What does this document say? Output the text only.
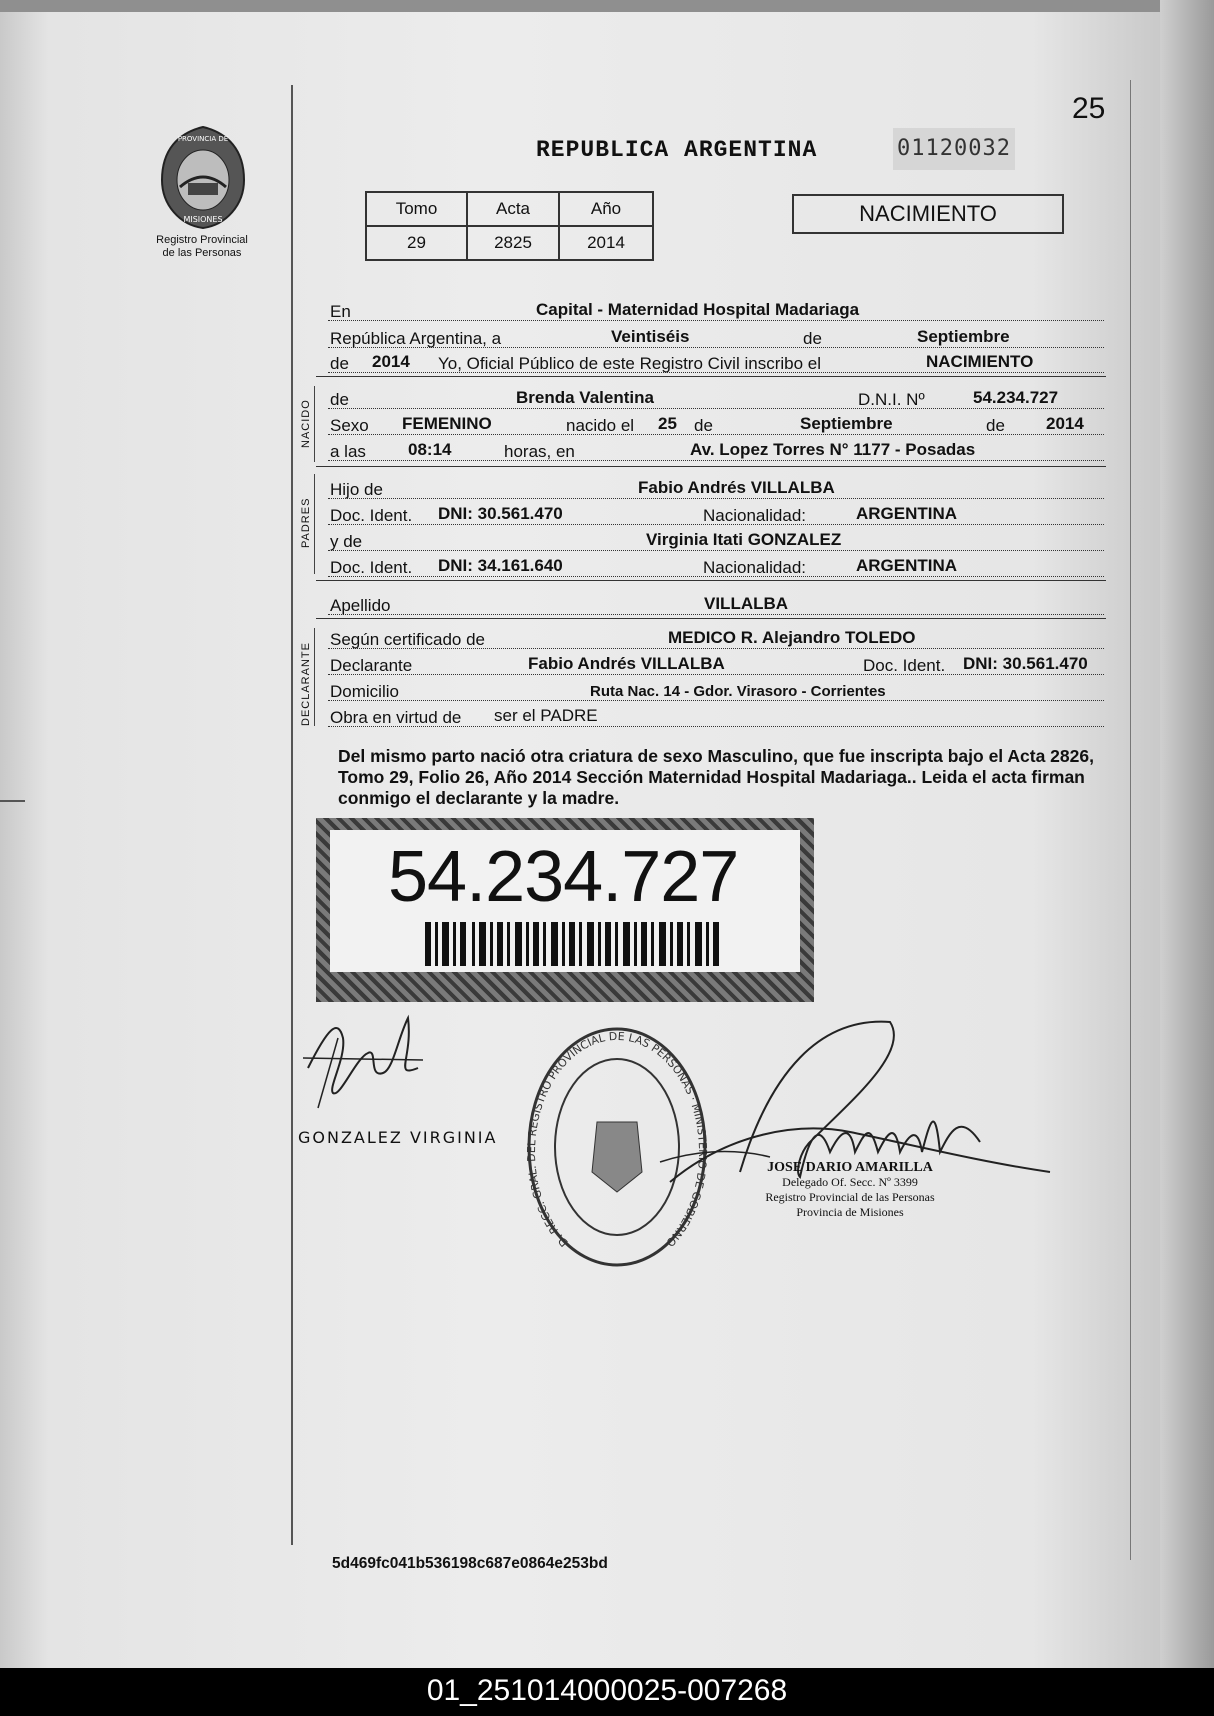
25
PROVINCIA DE
MISIONES
Registro Provincial
de las Personas
REPUBLICA ARGENTINA	01120032
Tomo	Acta	Año
29	2825	2014
NACIMIENTO
En	Capital - Maternidad Hospital Madariaga
República Argentina, a	Veintiséis	de	Septiembre
de 2014 Yo, Oficial Público de este Registro Civil inscribo el	NACIMIENTO
NACIDO de	Brenda Valentina	D.N.I. Nº	54.234.727
Sexo FEMENINO	nacido el 25 de	Septiembre	de 2014
a las 08:14	horas, en	Av. Lopez Torres N° 1177 - Posadas
PADRES
Hijo de	Fabio Andrés VILLALBA
Doc. Ident. DNI: 30.561.470	Nacionalidad:	ARGENTINA
y de	Virginia Itati GONZALEZ
Doc. Ident. DNI: 34.161.640	Nacionalidad:	ARGENTINA
Apellido	VILLALBA
DECLARANTE
Según certificado de	MEDICO R. Alejandro TOLEDO
Declarante	Fabio Andrés VILLALBA	Doc. Ident. DNI: 30.561.470
Domicilio	Ruta Nac. 14 - Gdor. Virasoro - Corrientes
Obra en virtud de ser el PADRE
Del mismo parto nació otra criatura de sexo Masculino, que fue inscripta bajo el Acta 2826, Tomo 29, Folio 26, Año 2014 Sección Maternidad Hospital Madariaga.. Leida el acta firman conmigo el declarante y la madre.
54.234.727
GONZALEZ VIRGINIA
D. RECC. GRAL. DEL REGISTRO PROVINCIAL DE LAS PERSONAS · MINISTERIO DE GOBIERNO
JOSE DARIO AMARILLA
Delegado Of. Secc. Nº 3399
Registro Provincial de las Personas
Provincia de Misiones
5d469fc041b536198c687e0864e253bd
01_251014000025-007268
